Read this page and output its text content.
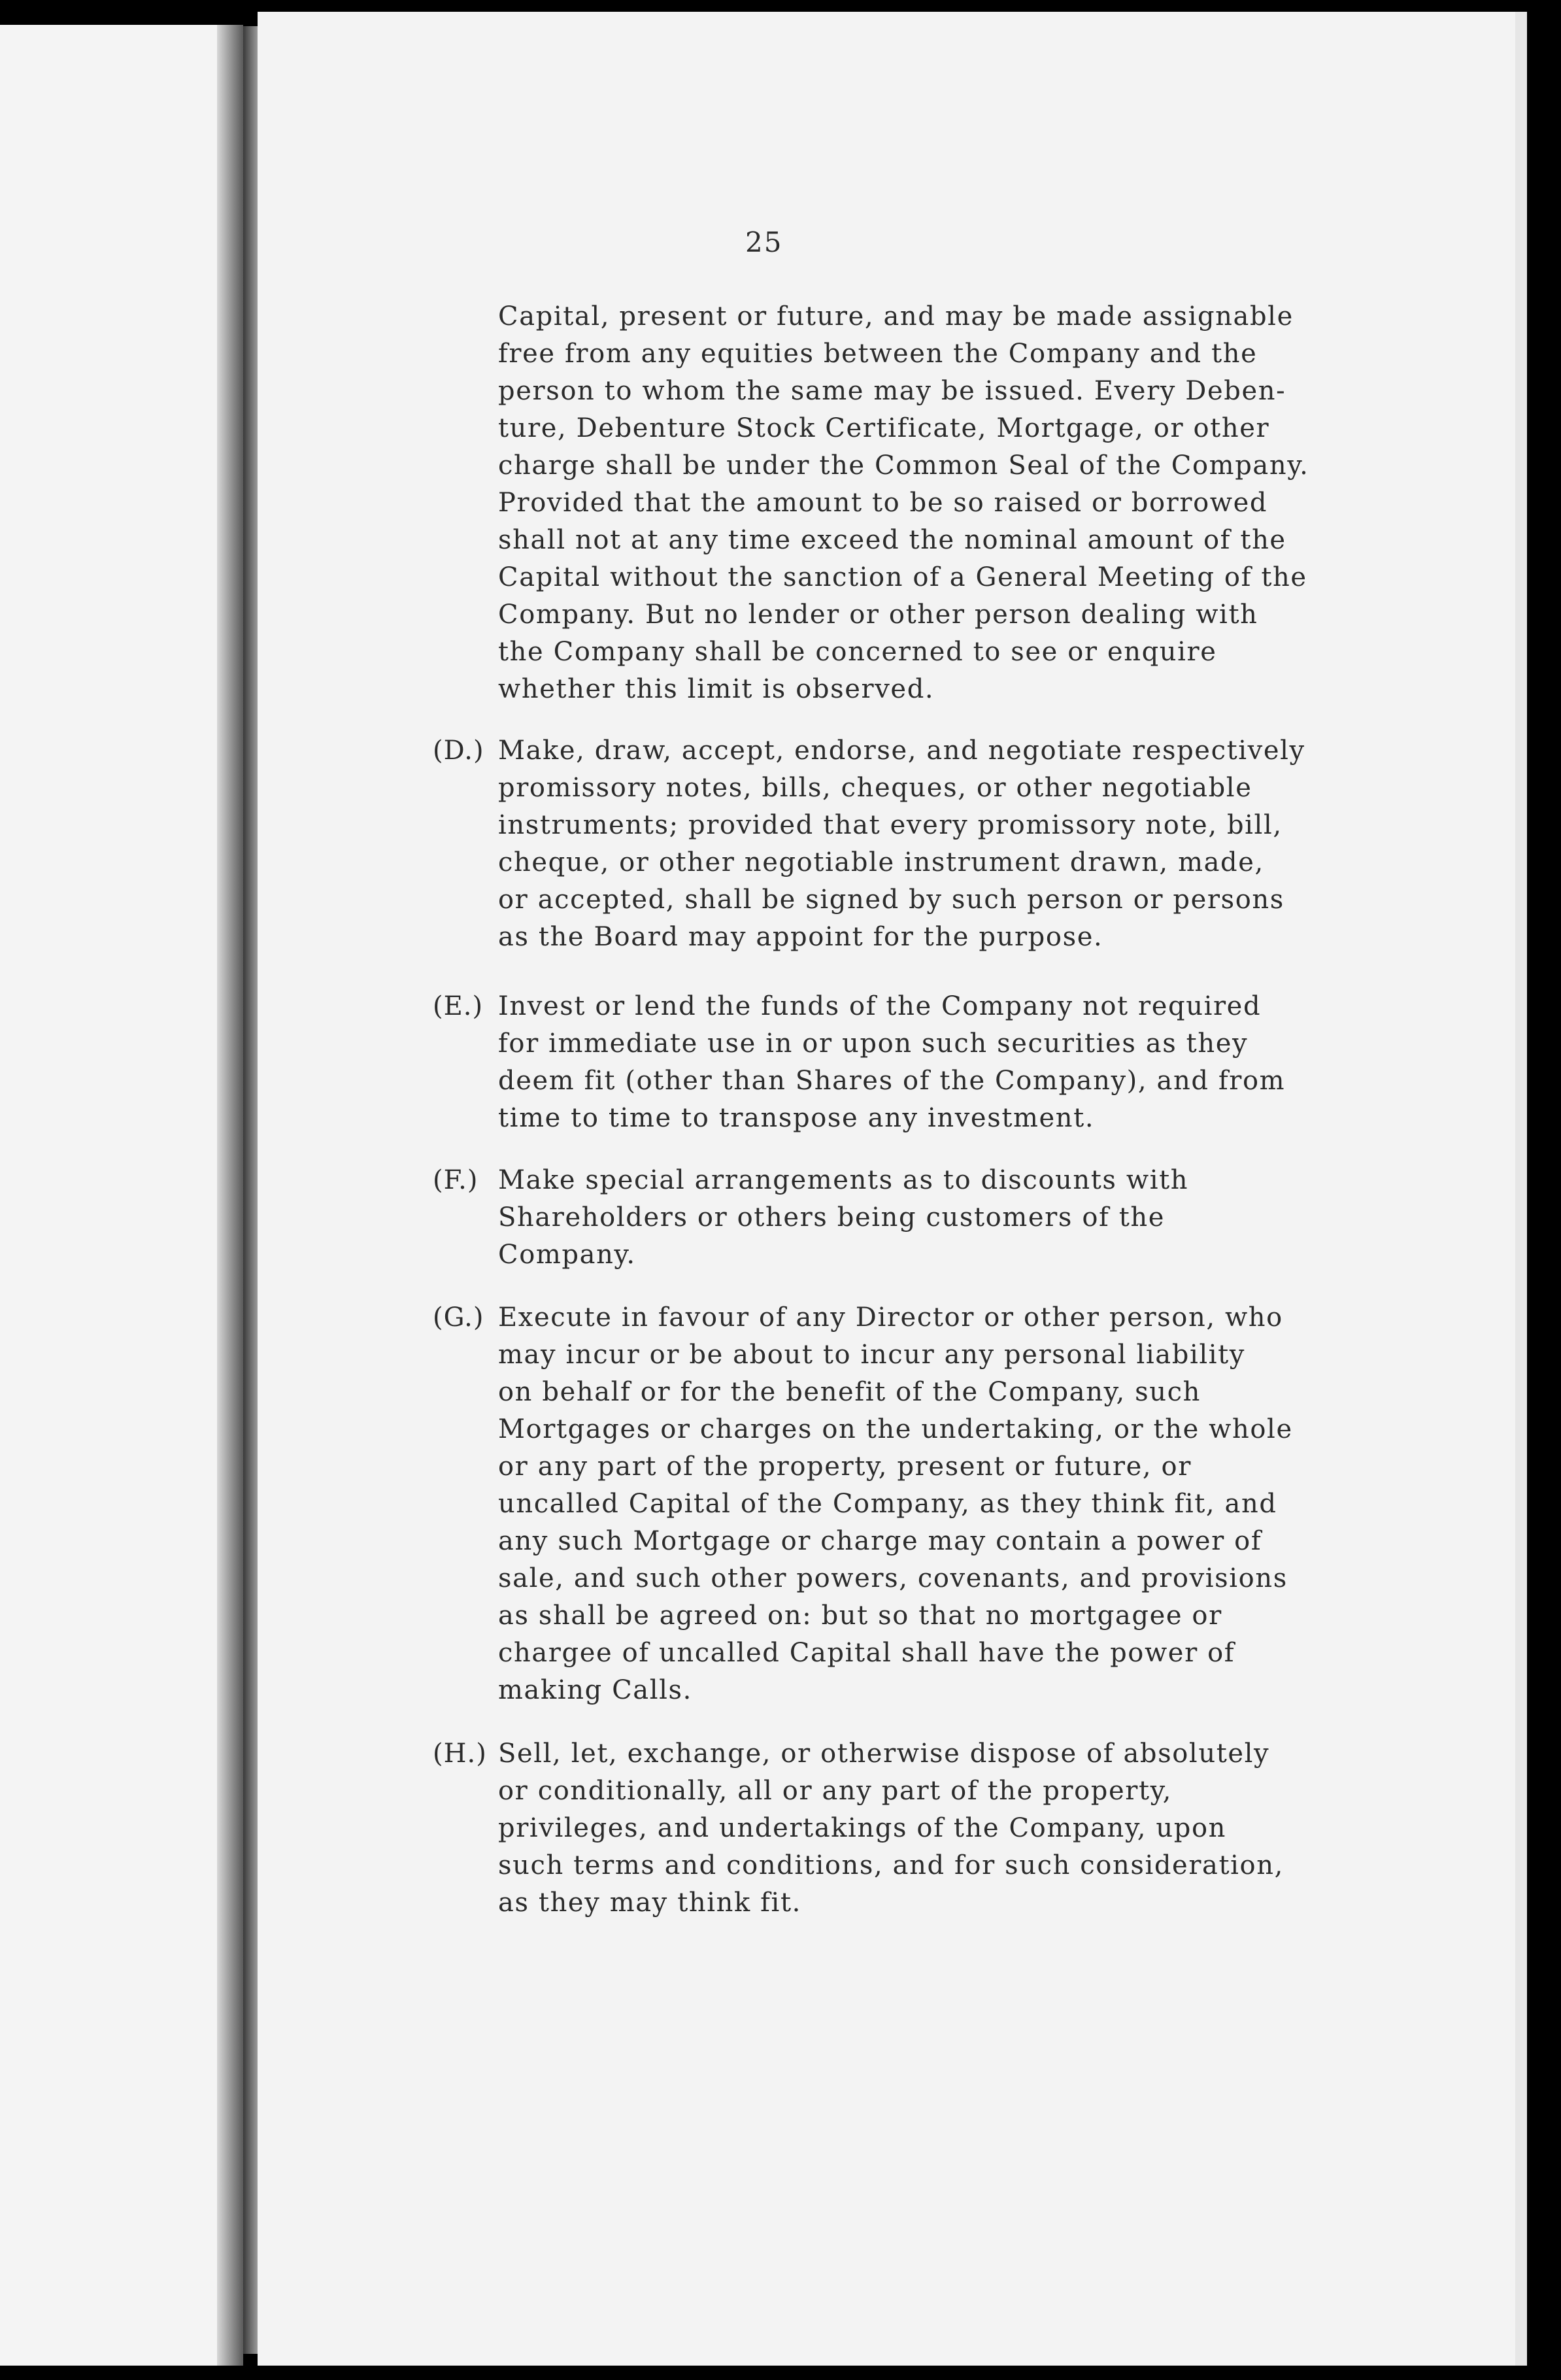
25
Capital, present or future, and may be made assignable
free from any equities between the Company and the
person to whom the same may be issued. Every Deben-
ture, Debenture Stock Certificate, Mortgage, or other
charge shall be under the Common Seal of the Company.
Provided that the amount to be so raised or borrowed
shall not at any time exceed the nominal amount of the
Capital without the sanction of a General Meeting of the
Company. But no lender or other person dealing with
the Company shall be concerned to see or enquire
whether this limit is observed.
(D.) Make, draw, accept, endorse, and negotiate respectively
promissory notes, bills, cheques, or other negotiable
instruments; provided that every promissory note, bill,
cheque, or other negotiable instrument drawn, made,
or accepted, shall be signed by such person or persons
as the Board may appoint for the purpose.
(E.) Invest or lend the funds of the Company not required
for immediate use in or upon such securities as they
deem fit (other than Shares of the Company), and from
time to time to transpose any investment.
(F.) Make special arrangements as to discounts with
Shareholders or others being customers of the
Company.
(G.) Execute in favour of any Director or other person, who
may incur or be about to incur any personal liability
on behalf or for the benefit of the Company, such
Mortgages or charges on the undertaking, or the whole
or any part of the property, present or future, or
uncalled Capital of the Company, as they think fit, and
any such Mortgage or charge may contain a power of
sale, and such other powers, covenants, and provisions
as shall be agreed on: but so that no mortgagee or
chargee of uncalled Capital shall have the power of
making Calls.
(H.) Sell, let, exchange, or otherwise dispose of absolutely
or conditionally, all or any part of the property,
privileges, and undertakings of the Company, upon
such terms and conditions, and for such consideration,
as they may think fit.
